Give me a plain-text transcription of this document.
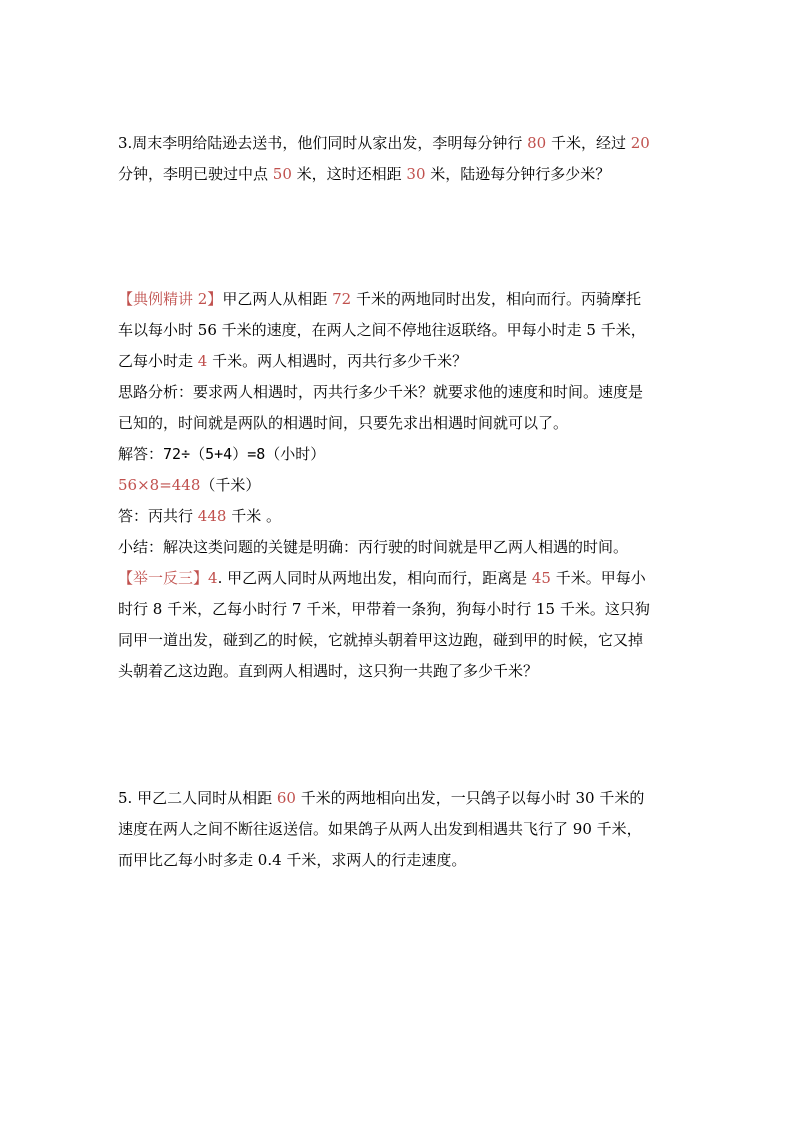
3.周末李明给陆逊去送书，他们同时从家出发，李明每分钟行 80 千米，经过 20
分钟，李明已驶过中点 50 米，这时还相距 30 米，陆逊每分钟行多少米？

【典例精讲 2】甲乙两人从相距 72 千米的两地同时出发，相向而行。丙骑摩托
车以每小时 56 千米的速度，在两人之间不停地往返联络。甲每小时走 5 千米，
乙每小时走 4 千米。两人相遇时，丙共行多少千米？
思路分析：要求两人相遇时，丙共行多少千米？就要求他的速度和时间。速度是
已知的，时间就是两队的相遇时间，只要先求出相遇时间就可以了。
解答：72÷（5+4）=8（小时）
56×8=448（千米）
答：丙共行 448 千米 。
小结：解决这类问题的关键是明确：丙行驶的时间就是甲乙两人相遇的时间。
【举一反三】4. 甲乙两人同时从两地出发，相向而行，距离是 45 千米。甲每小
时行 8 千米，乙每小时行 7 千米，甲带着一条狗，狗每小时行 15 千米。这只狗
同甲一道出发，碰到乙的时候，它就掉头朝着甲这边跑，碰到甲的时候，它又掉
头朝着乙这边跑。直到两人相遇时，这只狗一共跑了多少千米？

5. 甲乙二人同时从相距 60 千米的两地相向出发，一只鸽子以每小时 30 千米的
速度在两人之间不断往返送信。如果鸽子从两人出发到相遇共飞行了 90 千米，
而甲比乙每小时多走 0.4 千米，求两人的行走速度。
